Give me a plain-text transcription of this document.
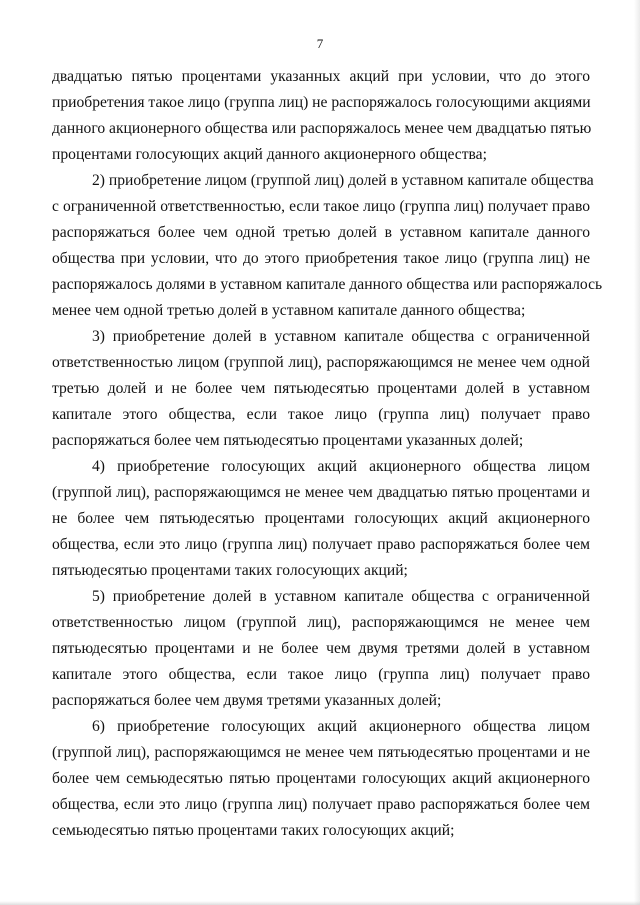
7
двадцатью пятью процентами указанных акций при условии, что до этого
приобретения такое лицо (группа лиц) не распоряжалось голосующими акциями
данного акционерного общества или распоряжалось менее чем двадцатью пятью
процентами голосующих акций данного акционерного общества;
2) приобретение лицом (группой лиц) долей в уставном капитале общества
с ограниченной ответственностью, если такое лицо (группа лиц) получает право
распоряжаться более чем одной третью долей в уставном капитале данного
общества при условии, что до этого приобретения такое лицо (группа лиц) не
распоряжалось долями в уставном капитале данного общества или распоряжалось
менее чем одной третью долей в уставном капитале данного общества;
3) приобретение долей в уставном капитале общества с ограниченной
ответственностью лицом (группой лиц), распоряжающимся не менее чем одной
третью долей и не более чем пятьюдесятью процентами долей в уставном
капитале этого общества, если такое лицо (группа лиц) получает право
распоряжаться более чем пятьюдесятью процентами указанных долей;
4) приобретение голосующих акций акционерного общества лицом
(группой лиц), распоряжающимся не менее чем двадцатью пятью процентами и
не более чем пятьюдесятью процентами голосующих акций акционерного
общества, если это лицо (группа лиц) получает право распоряжаться более чем
пятьюдесятью процентами таких голосующих акций;
5) приобретение долей в уставном капитале общества с ограниченной
ответственностью лицом (группой лиц), распоряжающимся не менее чем
пятьюдесятью процентами и не более чем двумя третями долей в уставном
капитале этого общества, если такое лицо (группа лиц) получает право
распоряжаться более чем двумя третями указанных долей;
6) приобретение голосующих акций акционерного общества лицом
(группой лиц), распоряжающимся не менее чем пятьюдесятью процентами и не
более чем семьюдесятью пятью процентами голосующих акций акционерного
общества, если это лицо (группа лиц) получает право распоряжаться более чем
семьюдесятью пятью процентами таких голосующих акций;
